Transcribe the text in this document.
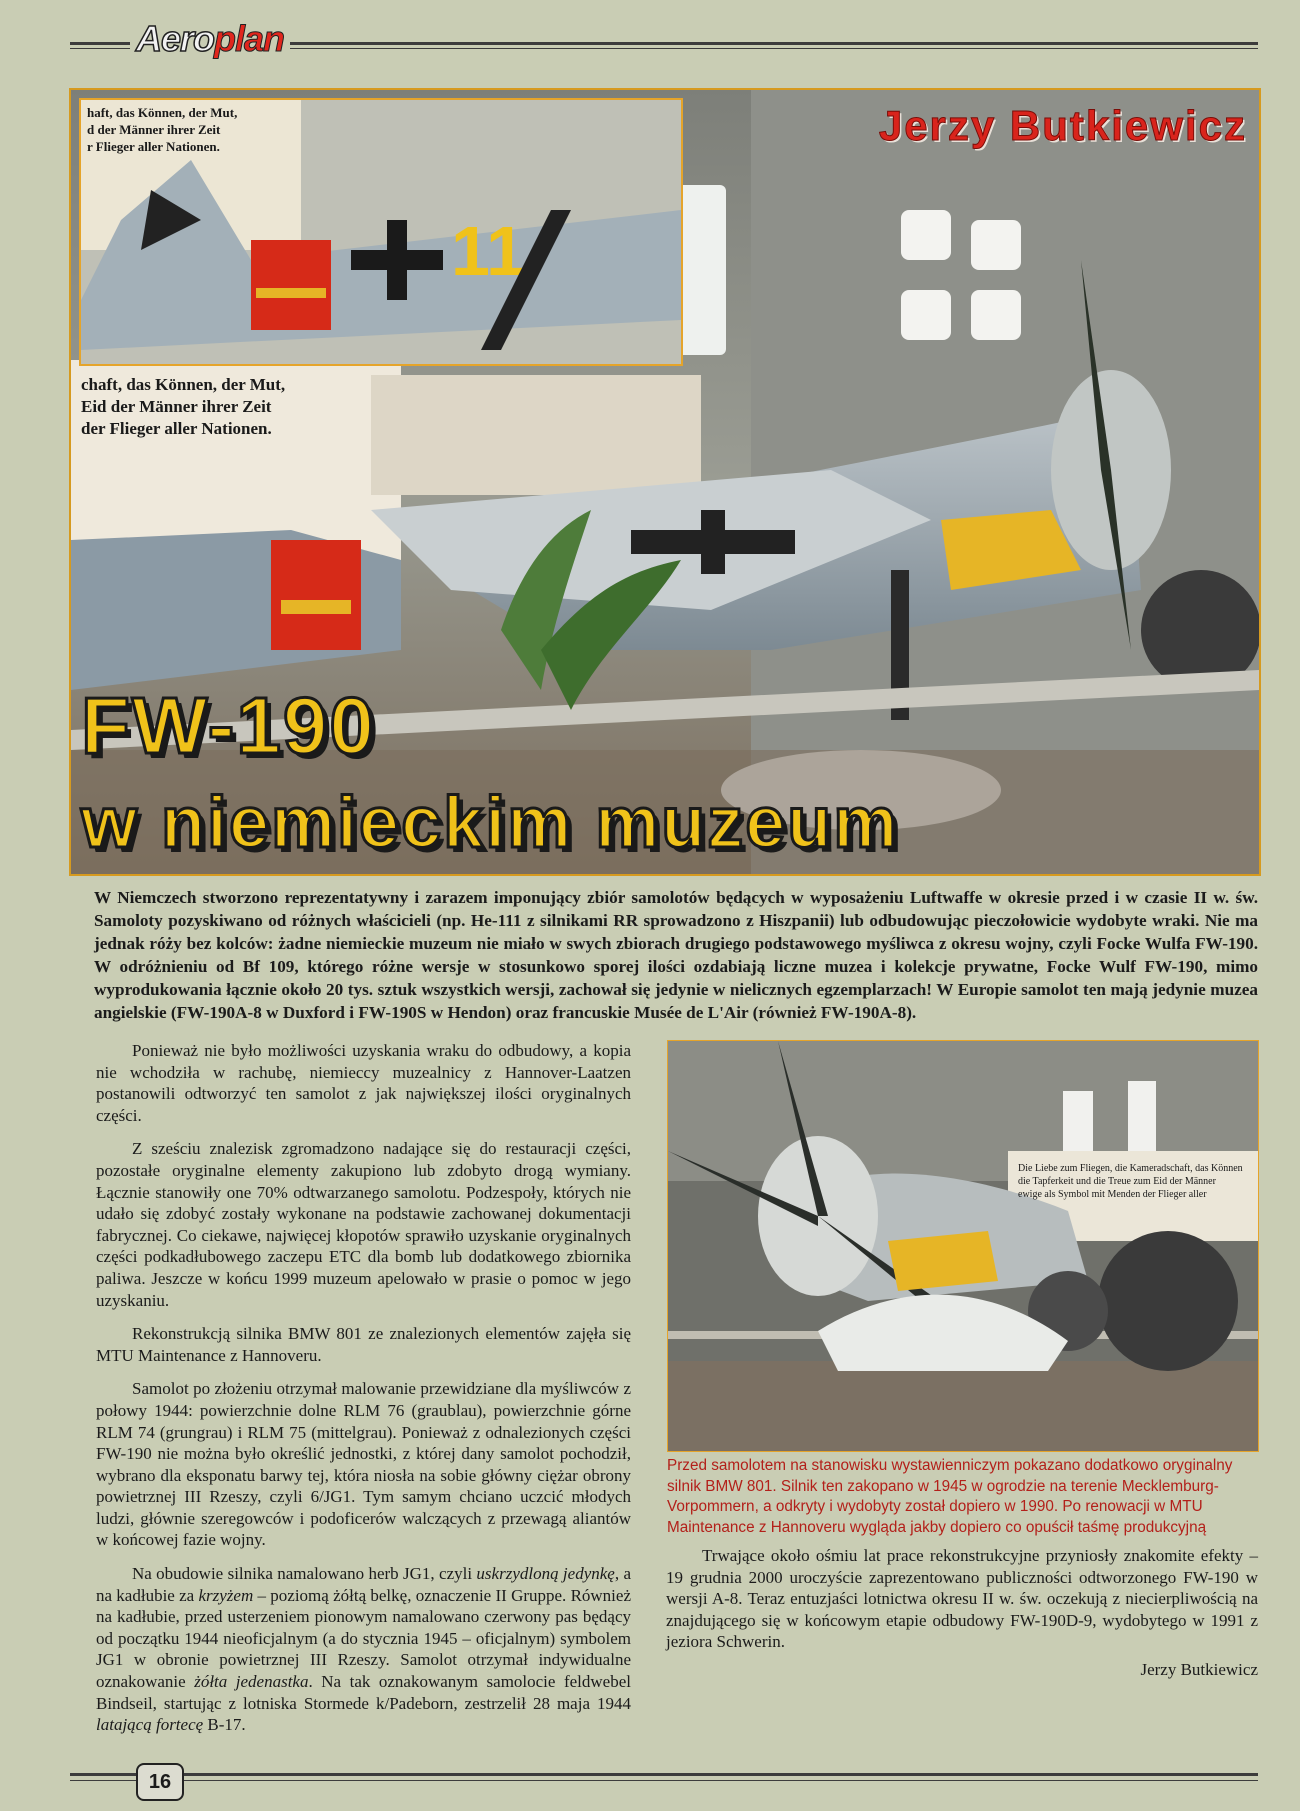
Aeroplan
chaft, das Können, der Mut,
Eid der Männer ihrer Zeit
der Flieger aller Nationen.
11
haft, das Können, der Mut,
d der Männer ihrer Zeit
r Flieger aller Nationen.	Jerzy Butkiewicz
FW-190
w niemieckim muzeum
W Niemczech stworzono reprezentatywny i zarazem imponujący zbiór samolotów będących w wyposażeniu Luftwaffe w okresie przed i w czasie II w. św. Samoloty pozyskiwano od różnych właścicieli (np. He-111 z silnikami RR sprowadzono z Hiszpanii) lub odbudowując pieczołowicie wydobyte wraki. Nie ma jednak róży bez kolców: żadne niemieckie muzeum nie miało w swych zbiorach drugiego podstawowego myśliwca z okresu wojny, czyli Focke Wulfa FW-190. W odróżnieniu od Bf 109, którego różne wersje w stosunkowo sporej ilości ozdabiają liczne muzea i kolekcje prywatne, Focke Wulf FW-190, mimo wyprodukowania łącznie około 20 tys. sztuk wszystkich wersji, zachował się jedynie w nielicznych egzemplarzach! W Europie samolot ten mają jedynie muzea angielskie (FW-190A-8 w Duxford i FW-190S w Hendon) oraz francuskie Musée de L'Air (również FW-190A-8).

Ponieważ nie było możliwości uzyskania wraku do odbudowy, a kopia nie wchodziła w rachubę, niemieccy muzealnicy z Hannover-Laatzen postanowili odtworzyć ten samolot z jak największej ilości oryginalnych części.

Z sześciu znalezisk zgromadzono nadające się do restauracji części, pozostałe oryginalne elementy zakupiono lub zdobyto drogą wymiany. Łącznie stanowiły one 70% odtwarzanego samolotu. Podzespoły, których nie udało się zdobyć zostały wykonane na podstawie zachowanej dokumentacji fabrycznej. Co ciekawe, najwięcej kłopotów sprawiło uzyskanie oryginalnych części podkadłubowego zaczepu ETC dla bomb lub dodatkowego zbiornika paliwa. Jeszcze w końcu 1999 muzeum apelowało w prasie o pomoc w jego uzyskaniu.

Rekonstrukcją silnika BMW 801 ze znalezionych elementów zajęła się MTU Maintenance z Hannoveru.

Samolot po złożeniu otrzymał malowanie przewidziane dla myśliwców z połowy 1944: powierzchnie dolne RLM 76 (graublau), powierzchnie górne RLM 74 (grungrau) i RLM 75 (mittelgrau). Ponieważ z odnalezionych części FW-190 nie można było określić jednostki, z której dany samolot pochodził, wybrano dla eksponatu barwy tej, która niosła na sobie główny ciężar obrony powietrznej III Rzeszy, czyli 6/JG1. Tym samym chciano uczcić młodych ludzi, głównie szeregowców i podoficerów walczących z przewagą aliantów w końcowej fazie wojny.

Na obudowie silnika namalowano herb JG1, czyli uskrzydloną jedynkę, a na kadłubie za krzyżem – poziomą żółtą belkę, oznaczenie II Gruppe. Również na kadłubie, przed usterzeniem pionowym namalowano czerwony pas będący od początku 1944 nieoficjalnym (a do stycznia 1945 – oficjalnym) symbolem JG1 w obronie powietrznej III Rzeszy. Samolot otrzymał indywidualne oznakowanie żółta jedenastka. Na tak oznakowanym samolocie feldwebel Bindseil, startując z lotniska Stormede k/Padeborn, zestrzelił 28 maja 1944 latającą fortecę B-17.

Die Liebe zum Fliegen, die Kameradschaft, das Können
die Tapferkeit und die Treue zum Eid der Männer
ewige als Symbol mit Menden der Flieger aller
Przed samolotem na stanowisku wystawienniczym pokazano dodatkowo oryginalny silnik BMW 801. Silnik ten zakopano w 1945 w ogrodzie na terenie Mecklemburg-Vorpommern, a odkryty i wydobyty został dopiero w 1990. Po renowacji w MTU Maintenance z Hannoveru wygląda jakby dopiero co opuścił taśmę produkcyjną

Trwające około ośmiu lat prace rekonstrukcyjne przyniosły znakomite efekty – 19 grudnia 2000 uroczyście zaprezentowano publiczności odtworzonego FW-190 w wersji A-8. Teraz entuzjaści lotnictwa okresu II w. św. oczekują z niecierpliwością na znajdującego się w końcowym etapie odbudowy FW-190D-9, wydobytego w 1991 z jeziora Schwerin.

Jerzy Butkiewicz

16
